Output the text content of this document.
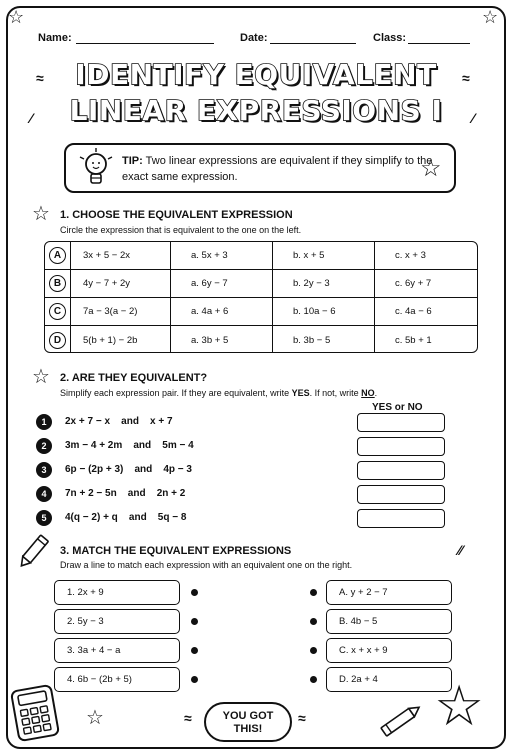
☆	☆
Name:	Date:	Class:
IDENTIFY EQUIVALENT
LINEAR EXPRESSIONS I
≈	≈
⁄	⁄
TIP: Two linear expressions are equivalent if they simplify to the exact same expression.	☆
☆ 1. CHOOSE THE EQUIVALENT EXPRESSION
Circle the expression that is equivalent to the one on the left.
A	3x + 5 − 2x	a. 5x + 3	b. x + 5	c. x + 3
B	4y − 7 + 2y	a. 6y − 7	b. 2y − 3	c. 6y + 7
C	7a − 3(a − 2)	a. 4a + 6	b. 10a − 6	c. 4a − 6
D	5(b + 1) − 2b	a. 3b + 5	b. 3b − 5	c. 5b + 1
☆ 2. ARE THEY EQUIVALENT?
Simplify each expression pair. If they are equivalent, write YES. If not, write NO.
YES or NO
1	2x + 7 − x    and    x + 7
2	3m − 4 + 2m    and    5m − 4
3	6p − (2p + 3)    and    4p − 3
4	7n + 2 − 5n    and    2n + 2
5	4(q − 2) + q    and    5q − 8
⁄⁄
3. MATCH THE EQUIVALENT EXPRESSIONS
Draw a line to match each expression with an equivalent one on the right.
1. 2x + 9
2. 5y − 3
3. 3a + 4 − a
4. 6b − (2b + 5)
A. y + 2 − 7
B. 4b − 5
C. x + x + 9
D. 2a + 4
☆	≈	YOU GOT
THIS!
≈ ☆
